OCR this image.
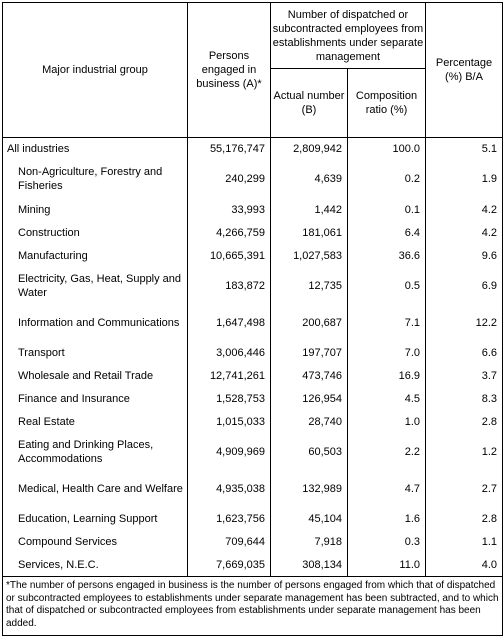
Major industrial group	Persons engaged in business (A)*	Number of dispatched or subcontracted employees from establishments under separate management		Percentage (%) B/A
		Actual number (B)	Composition ratio (%)	
All industries	55,176,747	2,809,942	100.0	5.1
Non-Agriculture, Forestry and Fisheries	240,299	4,639	0.2	1.9
Mining	33,993	1,442	0.1	4.2
Construction	4,266,759	181,061	6.4	4.2
Manufacturing	10,665,391	1,027,583	36.6	9.6
Electricity, Gas, Heat, Supply and Water	183,872	12,735	0.5	6.9
Information and Communications	1,647,498	200,687	7.1	12.2
Transport	3,006,446	197,707	7.0	6.6
Wholesale and Retail Trade	12,741,261	473,746	16.9	3.7
Finance and Insurance	1,528,753	126,954	4.5	8.3
Real Estate	1,015,033	28,740	1.0	2.8
Eating and Drinking Places, Accommodations	4,909,969	60,503	2.2	1.2
Medical, Health Care and Welfare	4,935,038	132,989	4.7	2.7
Education, Learning Support	1,623,756	45,104	1.6	2.8
Compound Services	709,644	7,918	0.3	1.1
Services, N.E.C.	7,669,035	308,134	11.0	4.0
*The number of persons engaged in business is the number of persons engaged from which that of dispatched or subcontracted employees to establishments under separate management has been subtracted, and to which that of dispatched or subcontracted employees from establishments under separate management has been added.				
